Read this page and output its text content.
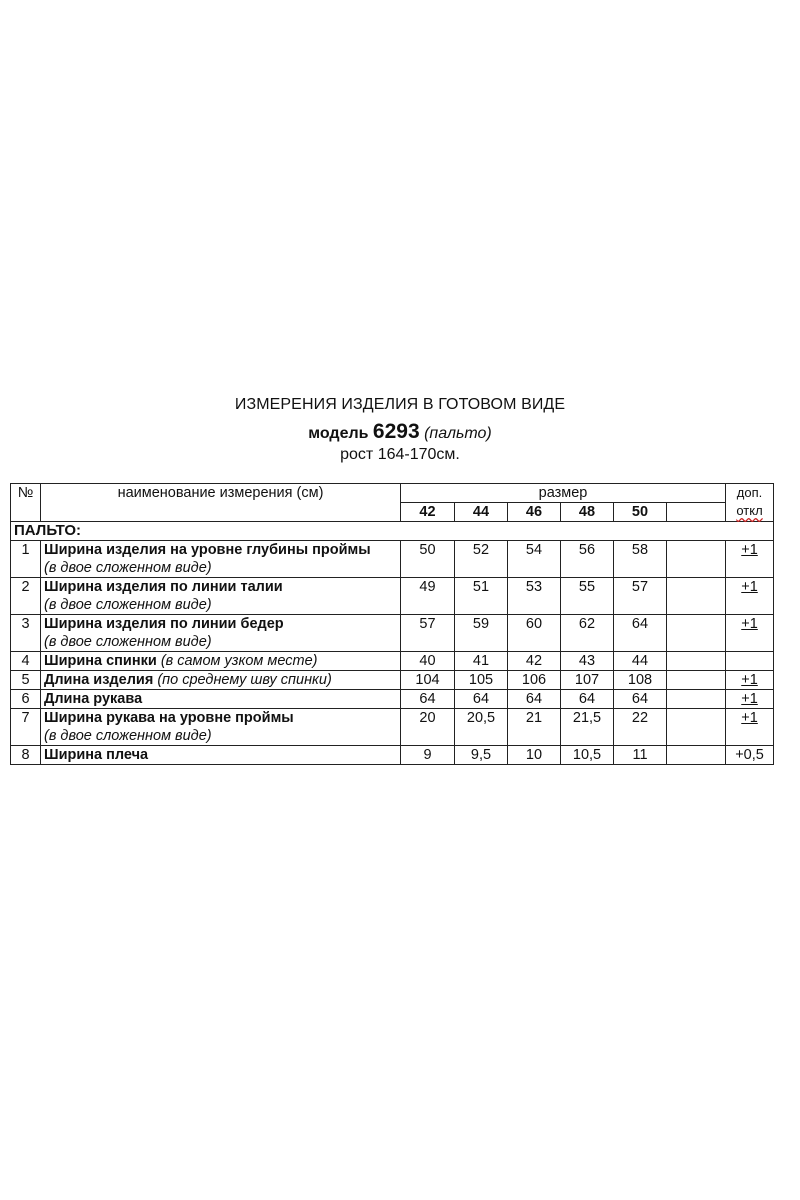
ИЗМЕРЕНИЯ ИЗДЕЛИЯ В ГОТОВОМ ВИДЕ
модель 6293 (пальто)
рост 164-170см.
№	наименование измерения (см)	размер						доп.
откл

		42	44	46	48	50		
ПАЛЬТО:								
1	Ширина изделия на уровне глубины проймы
(в двое сложенном виде)	50	52	54	56	58		+1
2	Ширина изделия по линии талии
(в двое сложенном виде)	49	51	53	55	57		+1
3	Ширина изделия по линии бедер
(в двое сложенном виде)	57	59	60	62	64		+1
4	Ширина спинки (в самом узком месте)	40	41	42	43	44		
5	Длина изделия (по среднему шву спинки)	104	105	106	107	108		+1
6	Длина рукава	64	64	64	64	64		+1
7	Ширина рукава на уровне проймы
(в двое сложенном виде)	20	20,5	21	21,5	22		+1
8	Ширина плеча	9	9,5	10	10,5	11		+0,5
